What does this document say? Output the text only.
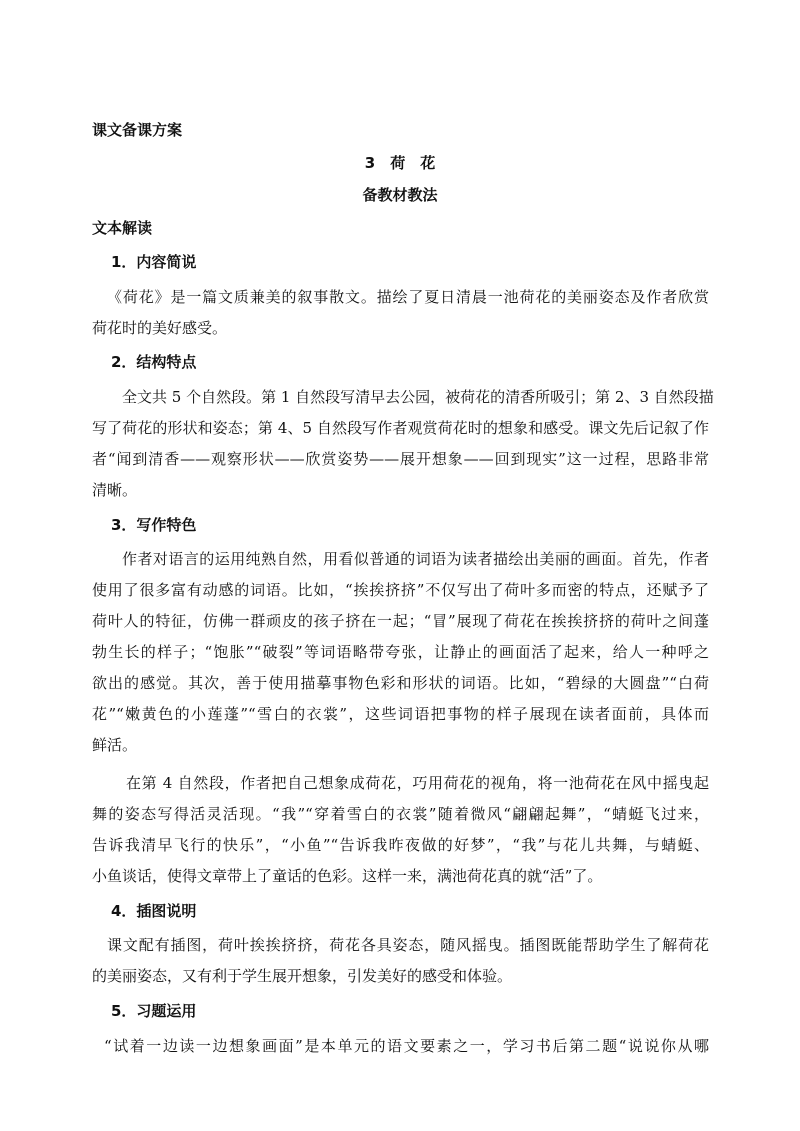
课文备课方案
3　荷　花
备教材教法
文本解读
1．内容简说
《荷花》是一篇文质兼美的叙事散文。描绘了夏日清晨一池荷花的美丽姿态及作者欣赏
荷花时的美好感受。
2．结构特点
全文共 5 个自然段。第 1 自然段写清早去公园，被荷花的清香所吸引；第 2、3 自然段描
写了荷花的形状和姿态；第 4、5 自然段写作者观赏荷花时的想象和感受。课文先后记叙了作
者“闻到清香——观察形状——欣赏姿势——展开想象——回到现实”这一过程，思路非常
清晰。
3．写作特色
作者对语言的运用纯熟自然，用看似普通的词语为读者描绘出美丽的画面。首先，作者
使用了很多富有动感的词语。比如，“挨挨挤挤”不仅写出了荷叶多而密的特点，还赋予了
荷叶人的特征，仿佛一群顽皮的孩子挤在一起；“冒”展现了荷花在挨挨挤挤的荷叶之间蓬
勃生长的样子；“饱胀”“破裂”等词语略带夸张，让静止的画面活了起来，给人一种呼之
欲出的感觉。其次，善于使用描摹事物色彩和形状的词语。比如，“碧绿的大圆盘”“白荷
花”“嫩黄色的小莲蓬”“雪白的衣裳”，这些词语把事物的样子展现在读者面前，具体而
鲜活。
在第 4 自然段，作者把自己想象成荷花，巧用荷花的视角，将一池荷花在风中摇曳起
舞的姿态写得活灵活现。“我”“穿着雪白的衣裳”随着微风“翩翩起舞”，“蜻蜓飞过来，
告诉我清早飞行的快乐”，“小鱼”“告诉我昨夜做的好梦”，“我”与花儿共舞，与蜻蜓、
小鱼谈话，使得文章带上了童话的色彩。这样一来，满池荷花真的就“活”了。
4．插图说明
课文配有插图，荷叶挨挨挤挤，荷花各具姿态，随风摇曳。插图既能帮助学生了解荷花
的美丽姿态，又有利于学生展开想象，引发美好的感受和体验。
5．习题运用
“试着一边读一边想象画面”是本单元的语文要素之一，学习书后第二题“说说你从哪
